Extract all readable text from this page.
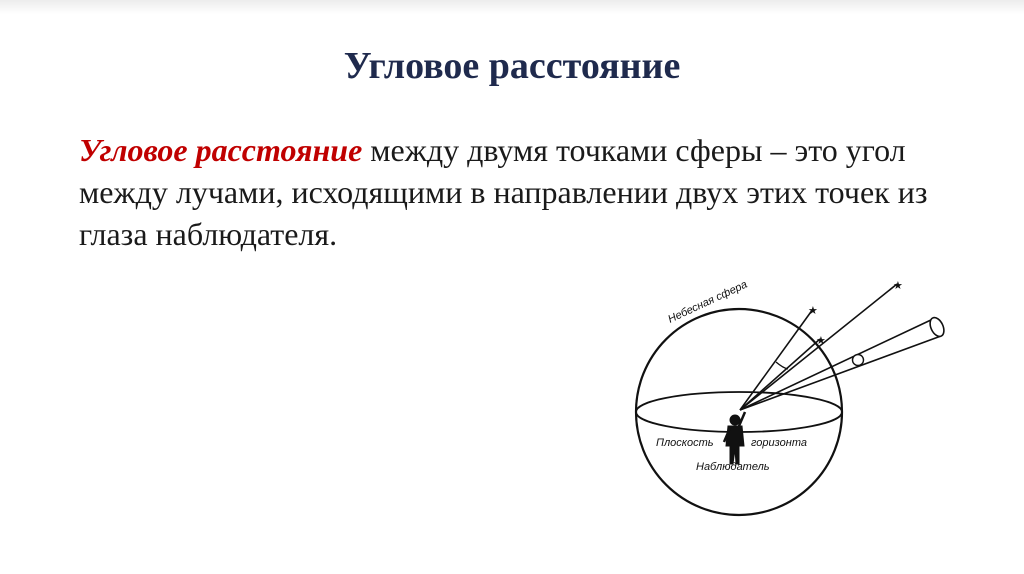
Угловое расстояние

Угловое расстояние между двумя точками сферы – это угол между лучами, исходящими в направлении двух этих точек из глаза наблюдателя.

★
★
★
Небесная сфера
Плоскость	горизонта
Наблюдатель
